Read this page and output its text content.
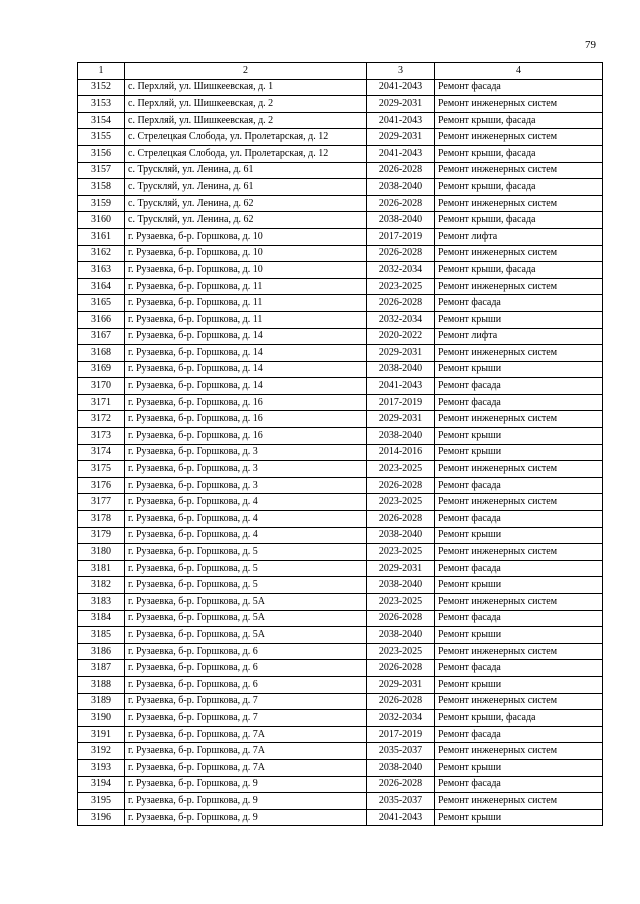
79
1	2	3	4
3152	с. Перхляй, ул. Шишкеевская, д. 1	2041-2043	Ремонт фасада
3153	с. Перхляй, ул. Шишкеевская, д. 2	2029-2031	Ремонт инженерных систем
3154	с. Перхляй, ул. Шишкеевская, д. 2	2041-2043	Ремонт крыши, фасада
3155	с. Стрелецкая Слобода, ул. Пролетарская, д. 12	2029-2031	Ремонт инженерных систем
3156	с. Стрелецкая Слобода, ул. Пролетарская, д. 12	2041-2043	Ремонт крыши, фасада
3157	с. Трускляй, ул. Ленина, д. 61	2026-2028	Ремонт инженерных систем
3158	с. Трускляй, ул. Ленина, д. 61	2038-2040	Ремонт крыши, фасада
3159	с. Трускляй, ул. Ленина, д. 62	2026-2028	Ремонт инженерных систем
3160	с. Трускляй, ул. Ленина, д. 62	2038-2040	Ремонт крыши, фасада
3161	г. Рузаевка, б-р. Горшкова, д. 10	2017-2019	Ремонт лифта
3162	г. Рузаевка, б-р. Горшкова, д. 10	2026-2028	Ремонт инженерных систем
3163	г. Рузаевка, б-р. Горшкова, д. 10	2032-2034	Ремонт крыши, фасада
3164	г. Рузаевка, б-р. Горшкова, д. 11	2023-2025	Ремонт инженерных систем
3165	г. Рузаевка, б-р. Горшкова, д. 11	2026-2028	Ремонт фасада
3166	г. Рузаевка, б-р. Горшкова, д. 11	2032-2034	Ремонт крыши
3167	г. Рузаевка, б-р. Горшкова, д. 14	2020-2022	Ремонт лифта
3168	г. Рузаевка, б-р. Горшкова, д. 14	2029-2031	Ремонт инженерных систем
3169	г. Рузаевка, б-р. Горшкова, д. 14	2038-2040	Ремонт крыши
3170	г. Рузаевка, б-р. Горшкова, д. 14	2041-2043	Ремонт фасада
3171	г. Рузаевка, б-р. Горшкова, д. 16	2017-2019	Ремонт фасада
3172	г. Рузаевка, б-р. Горшкова, д. 16	2029-2031	Ремонт инженерных систем
3173	г. Рузаевка, б-р. Горшкова, д. 16	2038-2040	Ремонт крыши
3174	г. Рузаевка, б-р. Горшкова, д. 3	2014-2016	Ремонт крыши
3175	г. Рузаевка, б-р. Горшкова, д. 3	2023-2025	Ремонт инженерных систем
3176	г. Рузаевка, б-р. Горшкова, д. 3	2026-2028	Ремонт фасада
3177	г. Рузаевка, б-р. Горшкова, д. 4	2023-2025	Ремонт инженерных систем
3178	г. Рузаевка, б-р. Горшкова, д. 4	2026-2028	Ремонт фасада
3179	г. Рузаевка, б-р. Горшкова, д. 4	2038-2040	Ремонт крыши
3180	г. Рузаевка, б-р. Горшкова, д. 5	2023-2025	Ремонт инженерных систем
3181	г. Рузаевка, б-р. Горшкова, д. 5	2029-2031	Ремонт фасада
3182	г. Рузаевка, б-р. Горшкова, д. 5	2038-2040	Ремонт крыши
3183	г. Рузаевка, б-р. Горшкова, д. 5А	2023-2025	Ремонт инженерных систем
3184	г. Рузаевка, б-р. Горшкова, д. 5А	2026-2028	Ремонт фасада
3185	г. Рузаевка, б-р. Горшкова, д. 5А	2038-2040	Ремонт крыши
3186	г. Рузаевка, б-р. Горшкова, д. 6	2023-2025	Ремонт инженерных систем
3187	г. Рузаевка, б-р. Горшкова, д. 6	2026-2028	Ремонт фасада
3188	г. Рузаевка, б-р. Горшкова, д. 6	2029-2031	Ремонт крыши
3189	г. Рузаевка, б-р. Горшкова, д. 7	2026-2028	Ремонт инженерных систем
3190	г. Рузаевка, б-р. Горшкова, д. 7	2032-2034	Ремонт крыши, фасада
3191	г. Рузаевка, б-р. Горшкова, д. 7А	2017-2019	Ремонт фасада
3192	г. Рузаевка, б-р. Горшкова, д. 7А	2035-2037	Ремонт инженерных систем
3193	г. Рузаевка, б-р. Горшкова, д. 7А	2038-2040	Ремонт крыши
3194	г. Рузаевка, б-р. Горшкова, д. 9	2026-2028	Ремонт фасада
3195	г. Рузаевка, б-р. Горшкова, д. 9	2035-2037	Ремонт инженерных систем
3196	г. Рузаевка, б-р. Горшкова, д. 9	2041-2043	Ремонт крыши
